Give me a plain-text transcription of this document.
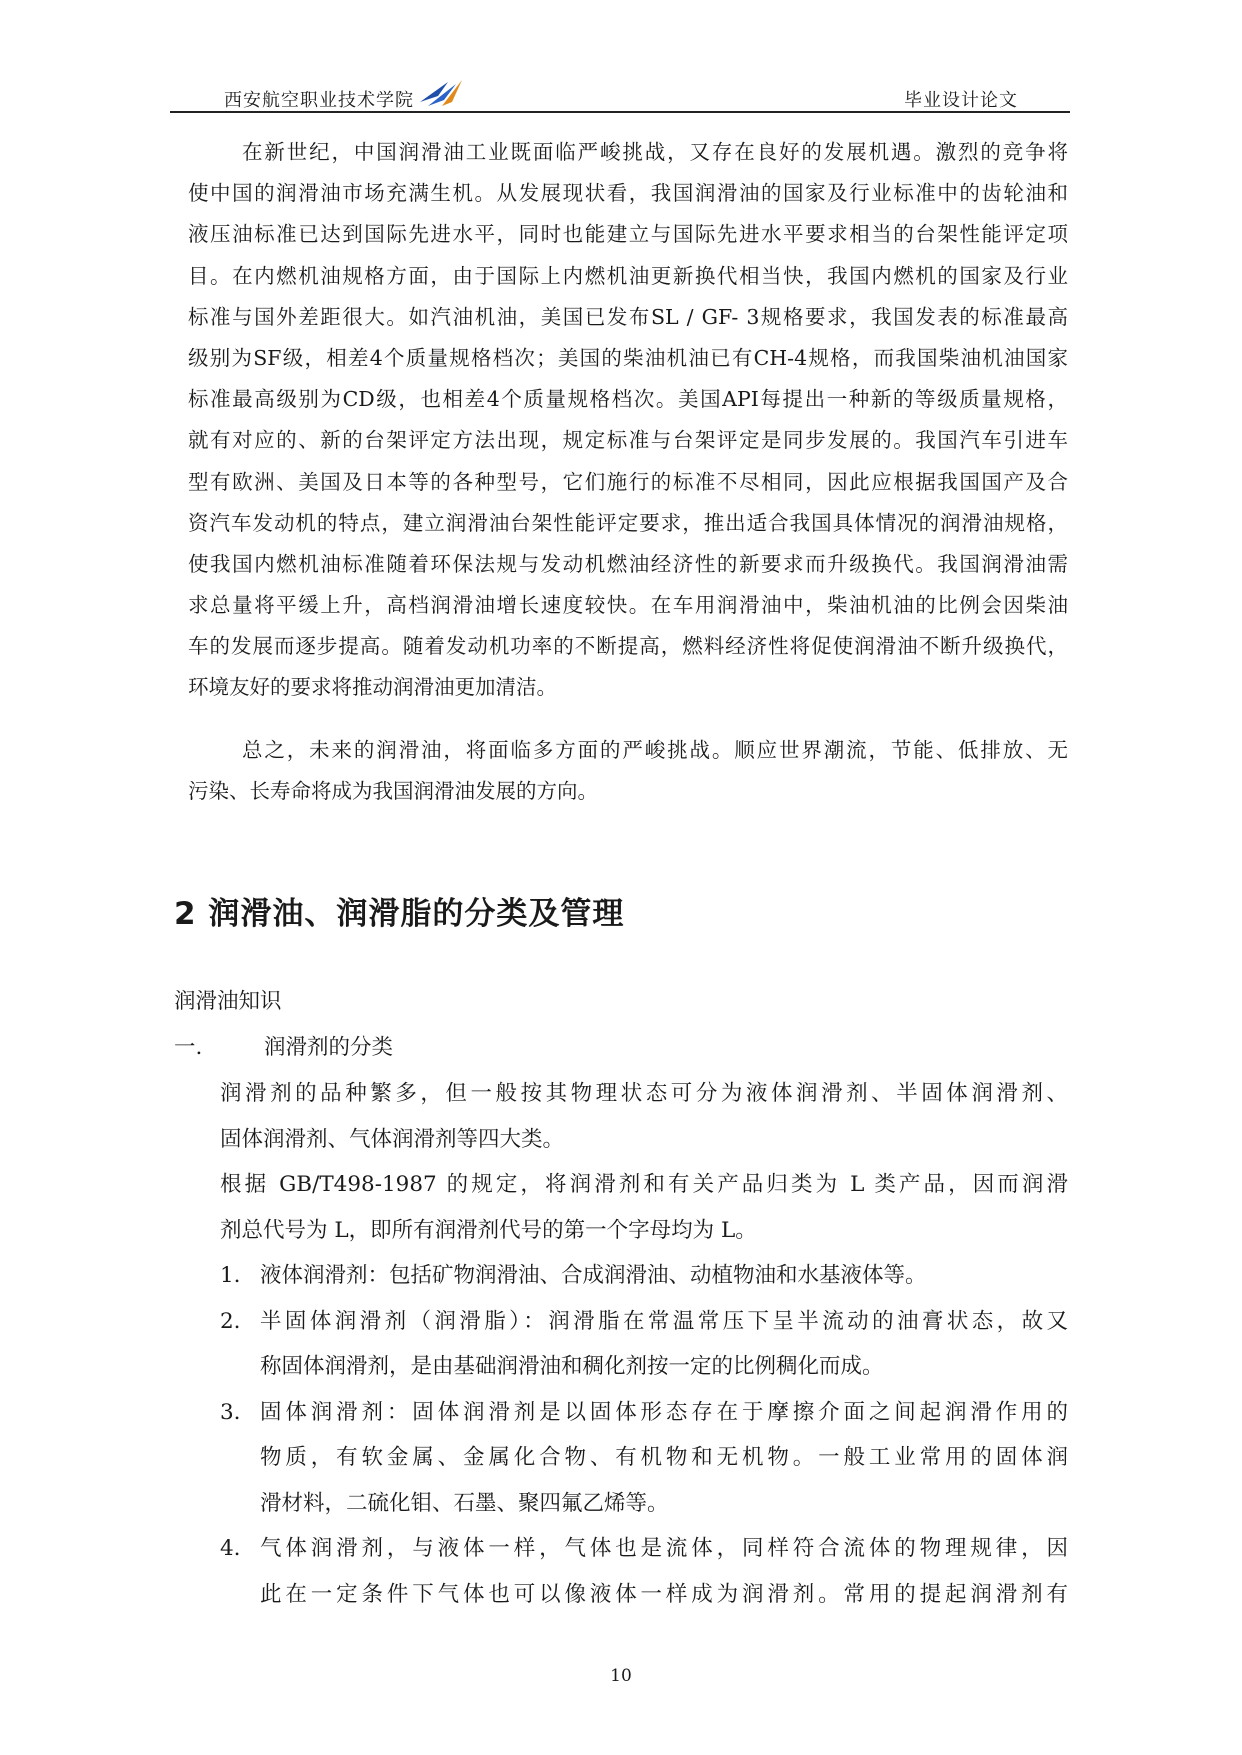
西安航空职业技术学院	毕业设计论文
在新世纪，中国润滑油工业既面临严峻挑战，又存在良好的发展机遇。激烈的竞争将
使中国的润滑油市场充满生机。从发展现状看，我国润滑油的国家及行业标准中的齿轮油和
液压油标准已达到国际先进水平，同时也能建立与国际先进水平要求相当的台架性能评定项
目。在内燃机油规格方面，由于国际上内燃机油更新换代相当快，我国内燃机的国家及行业
标准与国外差距很大。如汽油机油，美国已发布SL / GF- 3规格要求，我国发表的标准最高
级别为SF级，相差4个质量规格档次；美国的柴油机油已有CH-4规格，而我国柴油机油国家
标准最高级别为CD级，也相差4个质量规格档次。美国API每提出一种新的等级质量规格，
就有对应的、新的台架评定方法出现，规定标准与台架评定是同步发展的。我国汽车引进车
型有欧洲、美国及日本等的各种型号，它们施行的标准不尽相同，因此应根据我国国产及合
资汽车发动机的特点，建立润滑油台架性能评定要求，推出适合我国具体情况的润滑油规格，
使我国内燃机油标准随着环保法规与发动机燃油经济性的新要求而升级换代。我国润滑油需
求总量将平缓上升，高档润滑油增长速度较快。在车用润滑油中，柴油机油的比例会因柴油
车的发展而逐步提高。随着发动机功率的不断提高，燃料经济性将促使润滑油不断升级换代，
环境友好的要求将推动润滑油更加清洁。
总之，未来的润滑油，将面临多方面的严峻挑战。顺应世界潮流，节能、低排放、无
污染、长寿命将成为我国润滑油发展的方向。
2 润滑油、润滑脂的分类及管理
润滑油知识
一.	润滑剂的分类
润滑剂的品种繁多，但一般按其物理状态可分为液体润滑剂、半固体润滑剂、
固体润滑剂、气体润滑剂等四大类。
根据 GB/T498-1987 的规定，将润滑剂和有关产品归类为 L 类产品，因而润滑
剂总代号为 L，即所有润滑剂代号的第一个字母均为 L。
1. 液体润滑剂：包括矿物润滑油、合成润滑油、动植物油和水基液体等。
2. 半固体润滑剂（润滑脂）：润滑脂在常温常压下呈半流动的油膏状态，故又
称固体润滑剂，是由基础润滑油和稠化剂按一定的比例稠化而成。
3. 固体润滑剂：固体润滑剂是以固体形态存在于摩擦介面之间起润滑作用的
物质，有软金属、金属化合物、有机物和无机物。一般工业常用的固体润
滑材料，二硫化钼、石墨、聚四氟乙烯等。
4. 气体润滑剂，与液体一样，气体也是流体，同样符合流体的物理规律，因
此在一定条件下气体也可以像液体一样成为润滑剂。常用的提起润滑剂有
10
